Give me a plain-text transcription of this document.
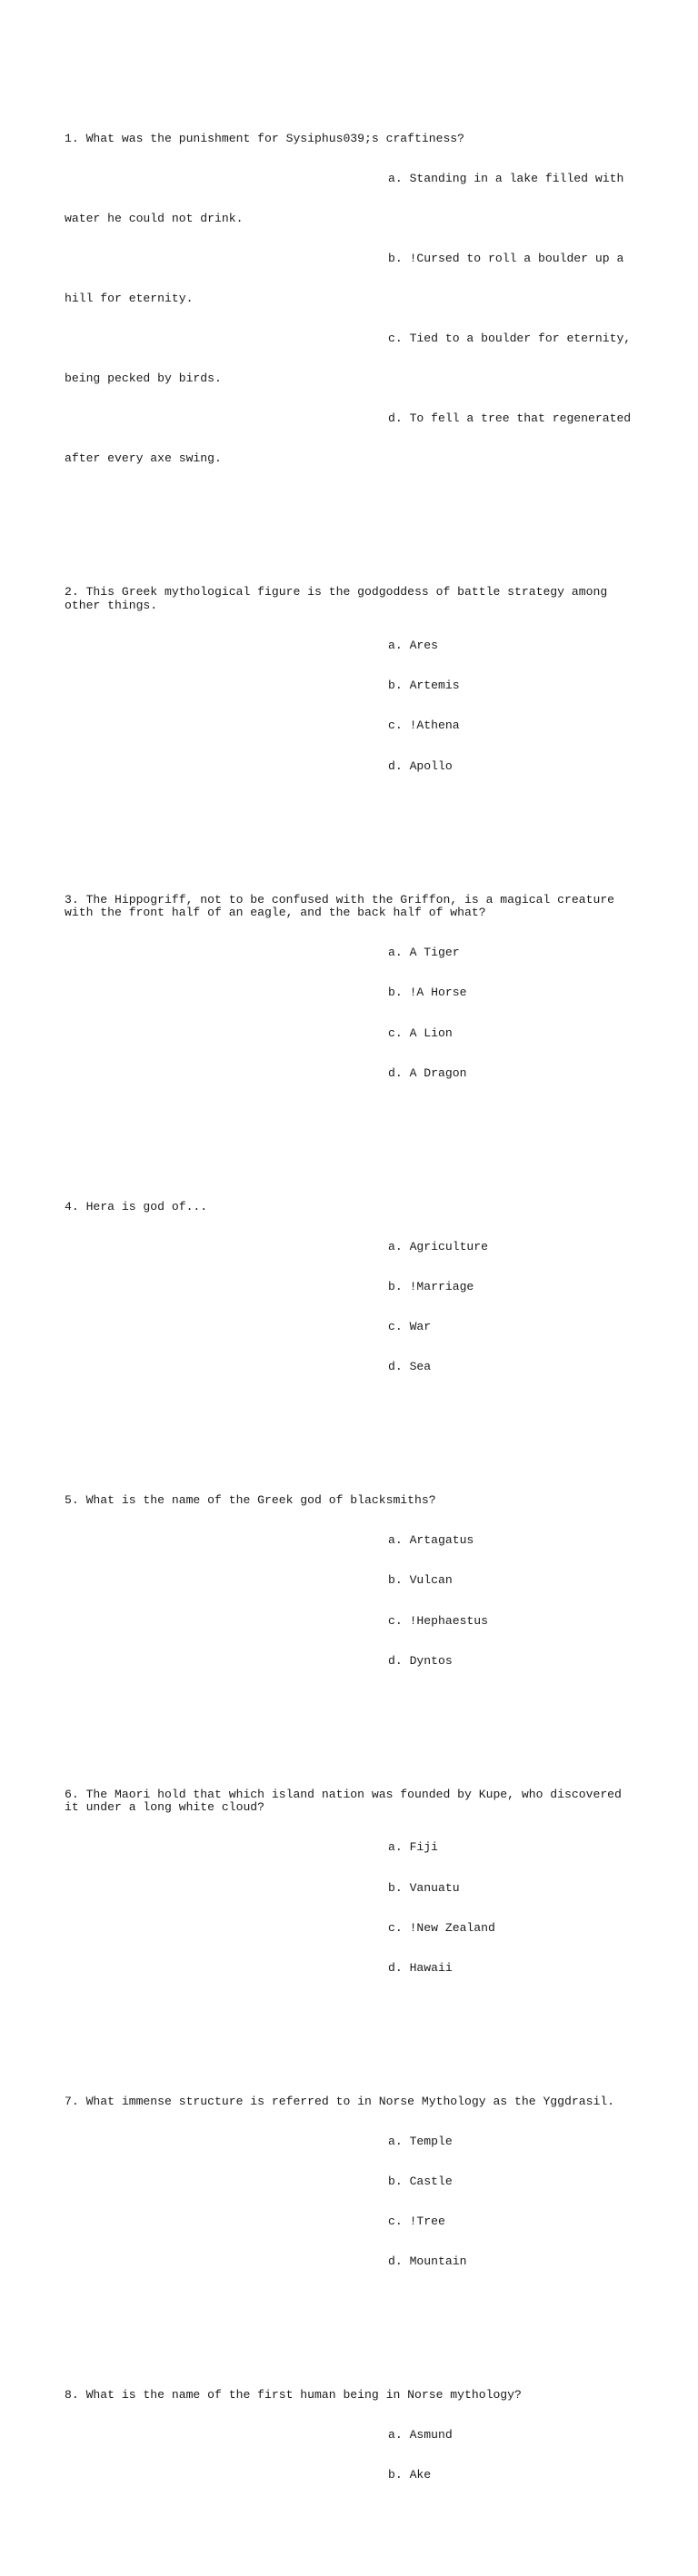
1. What was the punishment for Sysiphus039;s craftiness?

a. Standing in a lake filled with

water he could not drink.

b. !Cursed to roll a boulder up a

hill for eternity.

c. Tied to a boulder for eternity,

being pecked by birds.

d. To fell a tree that regenerated

after every axe swing.

2. This Greek mythological figure is the godgoddess of battle strategy among other things.

a. Ares

b. Artemis

c. !Athena

d. Apollo

3. The Hippogriff, not to be confused with the Griffon, is a magical creature with the front half of an eagle, and the back half of what?

a. A Tiger

b. !A Horse

c. A Lion

d. A Dragon

4. Hera is god of...

a. Agriculture

b. !Marriage

c. War

d. Sea

5. What is the name of the Greek god of blacksmiths?

a. Artagatus

b. Vulcan

c. !Hephaestus

d. Dyntos

6. The Maori hold that which island nation was founded by Kupe, who discovered it under a long white cloud?

a. Fiji

b. Vanuatu

c. !New Zealand

d. Hawaii

7. What immense structure is referred to in Norse Mythology as the Yggdrasil.

a. Temple

b. Castle

c. !Tree

d. Mountain

8. What is the name of the first human being in Norse mythology?

a. Asmund

b. Ake
